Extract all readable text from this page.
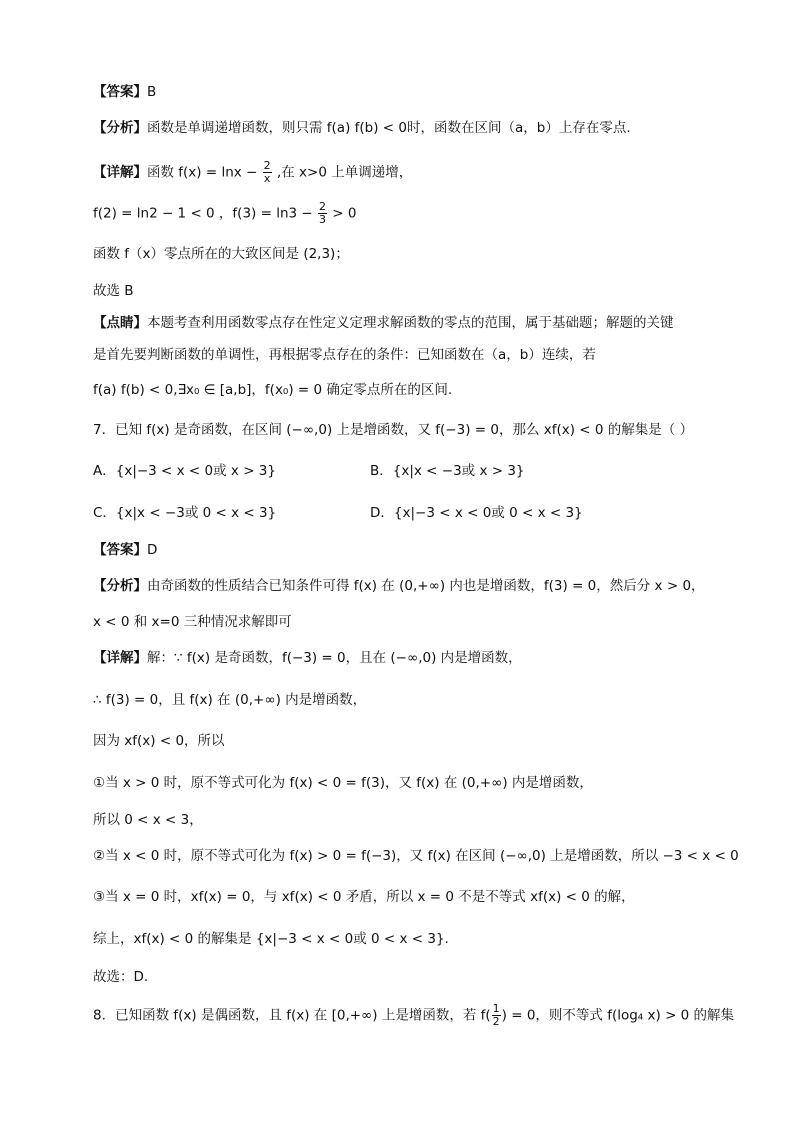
【答案】B
【分析】函数是单调递增函数，则只需 f(a) f(b) < 0时，函数在区间（a，b）上存在零点.
【详解】函数 $f(x) = \ln x - \frac{2}{x}$ ,在 x>0 上单调递增，
f(2) = ln2 − 1 < 0 ，$f(3) = \ln 3 - \frac{2}{3} > 0$
函数 f（x）零点所在的大致区间是 (2,3)；
故选 B
【点睛】本题考查利用函数零点存在性定义定理求解函数的零点的范围，属于基础题；解题的关键
是首先要判断函数的单调性，再根据零点存在的条件：已知函数在（a，b）连续，若
f(a) f(b) < 0,∃x₀ ∈ [a,b]，f(x₀) = 0 确定零点所在的区间.
7．已知 f(x) 是奇函数，在区间 (−∞,0) 上是增函数，又 f(−3) = 0，那么 xf(x) < 0 的解集是（ ）
A．{x|−3 < x < 0或 x > 3}	B．{x|x < −3或 x > 3}
C．{x|x < −3或 0 < x < 3}	D．{x|−3 < x < 0或 0 < x < 3}
【答案】D
【分析】由奇函数的性质结合已知条件可得 f(x) 在 (0,+∞) 内也是增函数，f(3) = 0，然后分 x > 0，
x < 0 和 x=0 三种情况求解即可
【详解】解：∵ f(x) 是奇函数，f(−3) = 0，且在 (−∞,0) 内是增函数，
∴ f(3) = 0，且 f(x) 在 (0,+∞) 内是增函数，
因为 xf(x) < 0，所以
①当 x > 0 时，原不等式可化为 f(x) < 0 = f(3)，又 f(x) 在 (0,+∞) 内是增函数，
所以 0 < x < 3，
②当 x < 0 时，原不等式可化为 f(x) > 0 = f(−3)，又 f(x) 在区间 (−∞,0) 上是增函数，所以 −3 < x < 0
③当 x = 0 时，xf(x) = 0，与 xf(x) < 0 矛盾，所以 x = 0 不是不等式 xf(x) < 0 的解，
综上，xf(x) < 0 的解集是 {x|−3 < x < 0或 0 < x < 3}.
故选：D.
8．已知函数 f(x) 是偶函数，且 f(x) 在 [0,+∞) 上是增函数，若 $f( \frac{1}{2}$ ) = 0，则不等式 f(log₄ x) > 0 的解集
